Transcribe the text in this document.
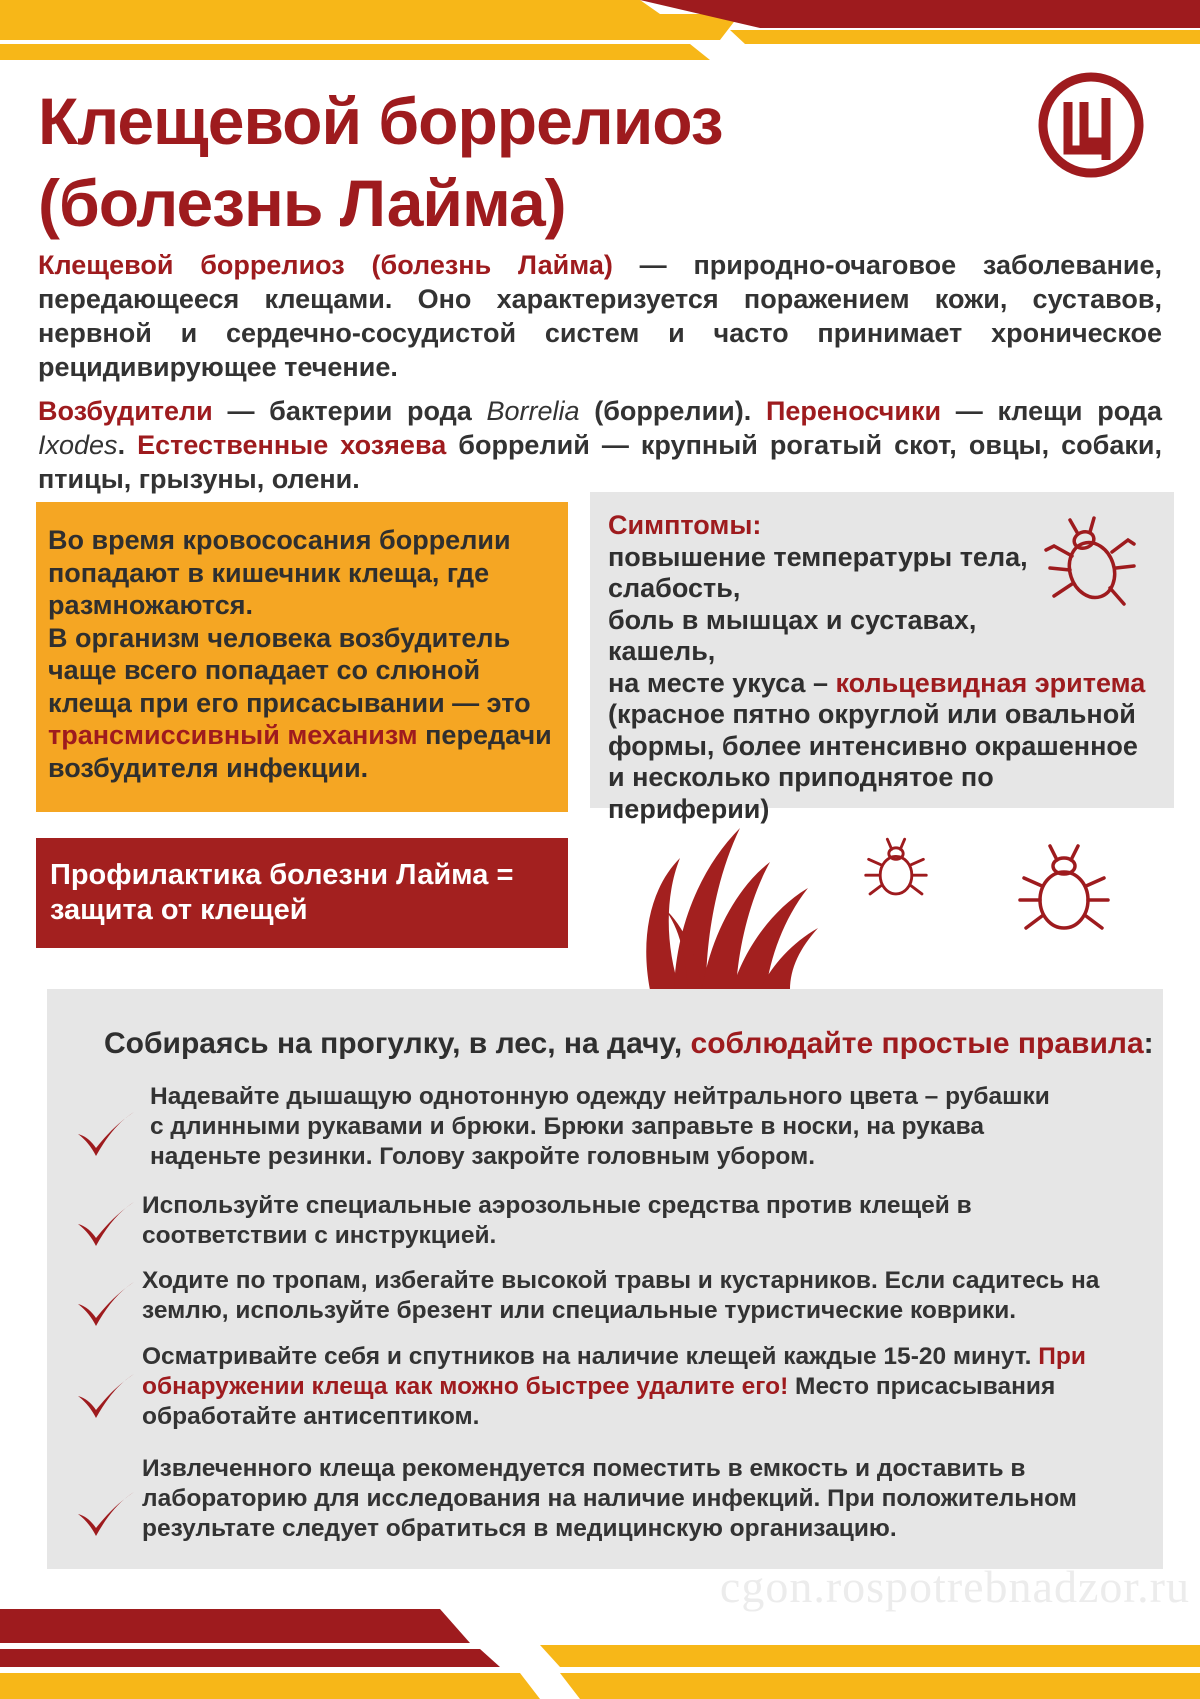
Клещевой боррелиоз
(болезнь Лайма)

Клещевой боррелиоз (болезнь Лайма) — природно-очаговое заболевание, передающееся клещами. Оно характеризуется поражением кожи, суставов, нервной и сердечно-сосудистой систем и часто принимает хроническое рецидивирующее течение.

Возбудители — бактерии рода Borrelia (боррелии). Переносчики — клещи рода Ixodes. Естественные хозяева боррелий — крупный рогатый скот, овцы, собаки, птицы, грызуны, олени.

Во время кровососания боррелии попадают в кишечник клеща, где размножаются.
В организм человека возбудитель чаще всего попадает со слюной клеща при его присасывании — это трансмиссивный механизм передачи возбудителя инфекции.
Симптомы:
повышение температуры тела,
слабость,
боль в мышцах и суставах,
кашель,
на месте укуса – кольцевидная эритема
(красное пятно округлой или овальной формы, более интенсивно окрашенное и несколько приподнятое по периферии)
Профилактика болезни Лайма = защита от клещей
Собираясь на прогулку, в лес, на дачу, соблюдайте простые правила:
Надевайте дышащую однотонную одежду нейтрального цвета – рубашки с длинными рукавами и брюки. Брюки заправьте в носки, на рукава наденьте резинки. Голову закройте головным убором.
Используйте специальные аэрозольные средства против клещей в соответствии с инструкцией.
Ходите по тропам, избегайте высокой травы и кустарников. Если садитесь на землю, используйте брезент или специальные туристические коврики.
Осматривайте себя и спутников на наличие клещей каждые 15-20 минут. При обнаружении клеща как можно быстрее удалите его! Место присасывания обработайте антисептиком.
Извлеченного клеща рекомендуется поместить в емкость и доставить в лабораторию для исследования на наличие инфекций. При положительном результате следует обратиться в медицинскую организацию.
cgon.rospotrebnadzor.ru
